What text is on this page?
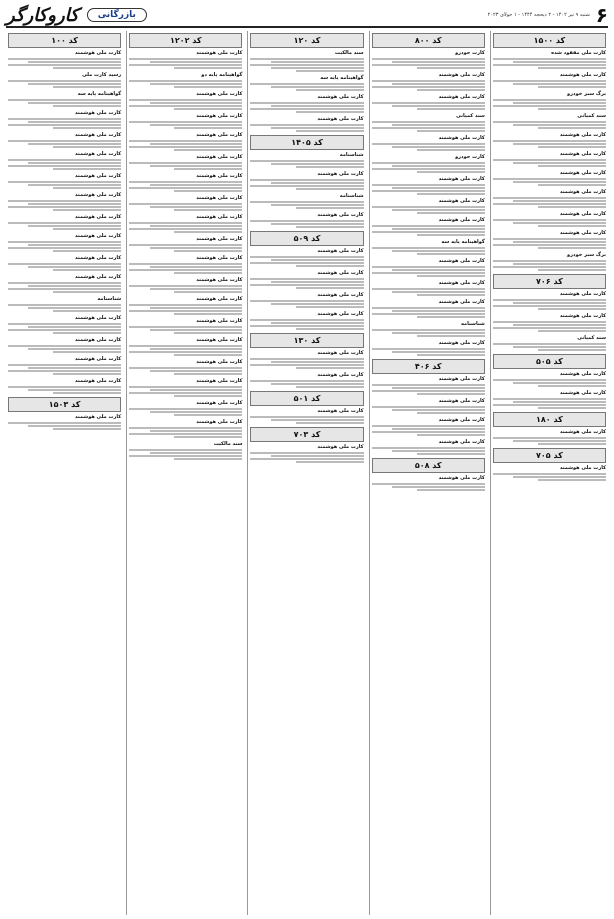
۶
شنبه ۹ تیر ۱۴۰۲ - ۲ ذیحجه ۱۴۴۴ - ۱ جولای ۲۰۲۳
بازرگانی
کاروکارگر
کد ۱۵۰۰
کارت ملی مفقود شده
کارت ملی هوشمند
برگ سبز خودرو
سند کمپانی
کارت ملی هوشمند
کارت ملی هوشمند
کارت ملی هوشمند
کارت ملی هوشمند
کارت ملی هوشمند
کارت ملی هوشمند
برگ سبز خودرو
کد ۷۰۶
کارت ملی هوشمند
کارت ملی هوشمند
سند کمپانی
کد ۵۰۵
کارت ملی هوشمند
کارت ملی هوشمند
کد ۱۸۰
کارت ملی هوشمند
کد ۷۰۵
کارت ملی هوشمند
کد ۸۰۰
کارت خودرو
کارت ملی هوشمند
کارت ملی هوشمند
سند کمپانی
کارت ملی هوشمند
کارت خودرو
کارت ملی هوشمند
کارت ملی هوشمند
کارت ملی هوشمند
گواهینامه پایه سه
کارت ملی هوشمند
کارت ملی هوشمند
کارت ملی هوشمند
شناسنامه
کارت ملی هوشمند
کد ۴۰۶
کارت ملی هوشمند
کارت ملی هوشمند
کارت ملی هوشمند
کارت ملی هوشمند
کد ۵۰۸
کارت ملی هوشمند
کد ۱۲۰
سند مالکیت
گواهینامه پایه سه
کارت ملی هوشمند
کارت ملی هوشمند
کد ۱۴۰۵
شناسنامه
کارت ملی هوشمند
شناسنامه
کارت ملی هوشمند
کد ۵۰۹
کارت ملی هوشمند
کارت ملی هوشمند
کارت ملی هوشمند
کارت ملی هوشمند
کد ۱۳۰
کارت ملی هوشمند
کارت ملی هوشمند
کد ۵۰۱
کارت ملی هوشمند
کد ۷۰۳
کارت ملی هوشمند
کد ۱۲۰۲
کارت ملی هوشمند
گواهینامه پایه دو
کارت ملی هوشمند
کارت ملی هوشمند
کارت ملی هوشمند
کارت ملی هوشمند
کارت ملی هوشمند
کارت ملی هوشمند
کارت ملی هوشمند
کارت ملی هوشمند
کارت ملی هوشمند
کارت ملی هوشمند
کارت ملی هوشمند
کارت ملی هوشمند
کارت ملی هوشمند
کارت ملی هوشمند
کارت ملی هوشمند
کارت ملی هوشمند
کارت ملی هوشمند
سند مالکیت
کد ۱۰۰
کارت ملی هوشمند
رسید کارت ملی
گواهینامه پایه سه
کارت ملی هوشمند
کارت ملی هوشمند
کارت ملی هوشمند
کارت ملی هوشمند
کارت ملی هوشمند
کارت ملی هوشمند
کارت ملی هوشمند
کارت ملی هوشمند
کارت ملی هوشمند
شناسنامه
کارت ملی هوشمند
کارت ملی هوشمند
کارت ملی هوشمند
کارت ملی هوشمند
کد ۱۵۰۳
کارت ملی هوشمند
